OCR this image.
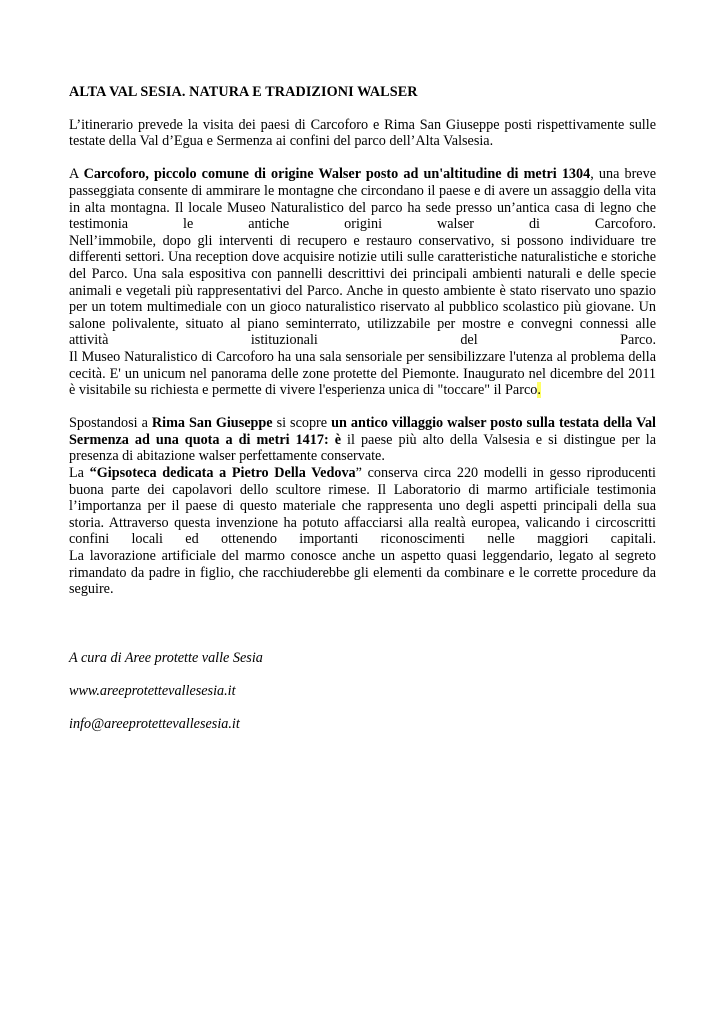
ALTA VAL SESIA. NATURA E TRADIZIONI WALSER
L’itinerario prevede la visita dei paesi di Carcoforo e Rima San Giuseppe posti rispettivamente sulle testate della Val d’Egua e Sermenza ai confini del parco dell’Alta Valsesia.
A Carcoforo, piccolo comune di origine Walser posto ad un'altitudine di metri 1304, una breve passeggiata consente di ammirare le montagne che circondano il paese e di avere un assaggio della vita in alta montagna. Il locale Museo Naturalistico del parco ha sede presso un’antica casa di legno che testimonia le antiche origini walser di Carcoforo.
Nell’immobile, dopo gli interventi di recupero e restauro conservativo, si possono individuare tre differenti settori. Una reception dove acquisire notizie utili sulle caratteristiche naturalistiche e storiche del Parco. Una sala espositiva con pannelli descrittivi dei principali ambienti naturali e delle specie animali e vegetali più rappresentativi del Parco. Anche in questo ambiente è stato riservato uno spazio per un totem multimediale con un gioco naturalistico riservato al pubblico scolastico più giovane. Un salone polivalente, situato al piano seminterrato, utilizzabile per mostre e convegni connessi alle attività istituzionali del Parco.
Il Museo Naturalistico di Carcoforo ha una sala sensoriale per sensibilizzare l'utenza al problema della cecità. E' un unicum nel panorama delle zone protette del Piemonte. Inaugurato nel dicembre del 2011 è visitabile su richiesta e permette di vivere l'esperienza unica di "toccare" il Parco.
Spostandosi a Rima San Giuseppe si scopre un antico villaggio walser posto sulla testata della Val Sermenza ad una quota a di metri 1417: è il paese più alto della Valsesia e si distingue per la presenza di abitazione walser perfettamente conservate.
La “Gipsoteca dedicata a Pietro Della Vedova” conserva circa 220 modelli in gesso riproducenti buona parte dei capolavori dello scultore rimese. Il Laboratorio di marmo artificiale testimonia l’importanza per il paese di questo materiale che rappresenta uno degli aspetti principali della sua storia. Attraverso questa invenzione ha potuto affacciarsi alla realtà europea, valicando i circoscritti confini locali ed ottenendo importanti riconoscimenti nelle maggiori capitali.
La lavorazione artificiale del marmo conosce anche un aspetto quasi leggendario, legato al segreto rimandato da padre in figlio, che racchiuderebbe gli elementi da combinare e le corrette procedure da seguire.
A cura di Aree protette valle Sesia
www.areeprotettevallesesia.it
info@areeprotettevallesesia.it
